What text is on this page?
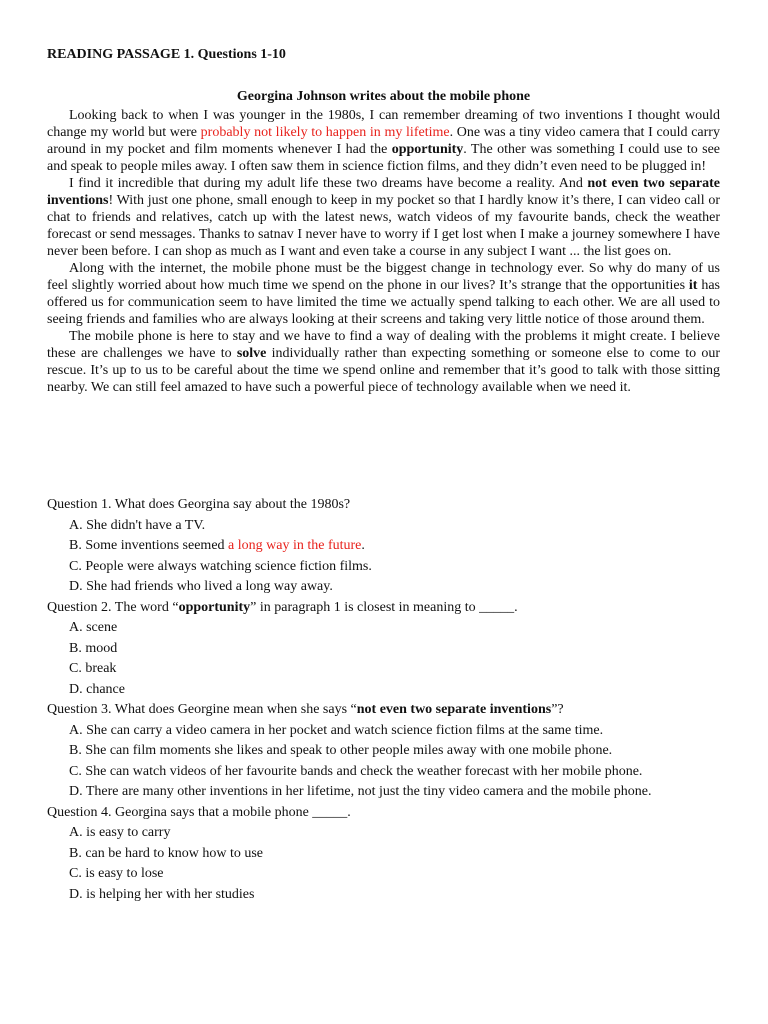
READING PASSAGE 1. Questions 1-10
Georgina Johnson writes about the mobile phone

Looking back to when I was younger in the 1980s, I can remember dreaming of two inventions I thought would change my world but were probably not likely to happen in my lifetime. One was a tiny video camera that I could carry around in my pocket and film moments whenever I had the opportunity. The other was something I could use to see and speak to people miles away. I often saw them in science fiction films, and they didn’t even need to be plugged in!

I find it incredible that during my adult life these two dreams have become a reality. And not even two separate inventions! With just one phone, small enough to keep in my pocket so that I hardly know it’s there, I can video call or chat to friends and relatives, catch up with the latest news, watch videos of my favourite bands, check the weather forecast or send messages. Thanks to satnav I never have to worry if I get lost when I make a journey somewhere I have never been before. I can shop as much as I want and even take a course in any subject I want ... the list goes on.

Along with the internet, the mobile phone must be the biggest change in technology ever. So why do many of us feel slightly worried about how much time we spend on the phone in our lives? It’s strange that the opportunities it has offered us for communication seem to have limited the time we actually spend talking to each other. We are all used to seeing friends and families who are always looking at their screens and taking very little notice of those around them.

The mobile phone is here to stay and we have to find a way of dealing with the problems it might create. I believe these are challenges we have to solve individually rather than expecting something or someone else to come to our rescue. It’s up to us to be careful about the time we spend online and remember that it’s good to talk with those sitting nearby. We can still feel amazed to have such a powerful piece of technology available when we need it.

Question 1. What does Georgina say about the 1980s?
A. She didn't have a TV.
B. Some inventions seemed a long way in the future.
C. People were always watching science fiction films.
D. She had friends who lived a long way away.
Question 2. The word “opportunity” in paragraph 1 is closest in meaning to _____.
A. scene
B. mood
C. break
D. chance
Question 3. What does Georgine mean when she says “not even two separate inventions”?
A. She can carry a video camera in her pocket and watch science fiction films at the same time.
B. She can film moments she likes and speak to other people miles away with one mobile phone.
C. She can watch videos of her favourite bands and check the weather forecast with her mobile phone.
D. There are many other inventions in her lifetime, not just the tiny video camera and the mobile phone.
Question 4. Georgina says that a mobile phone _____.
A. is easy to carry
B. can be hard to know how to use
C. is easy to lose
D. is helping her with her studies
